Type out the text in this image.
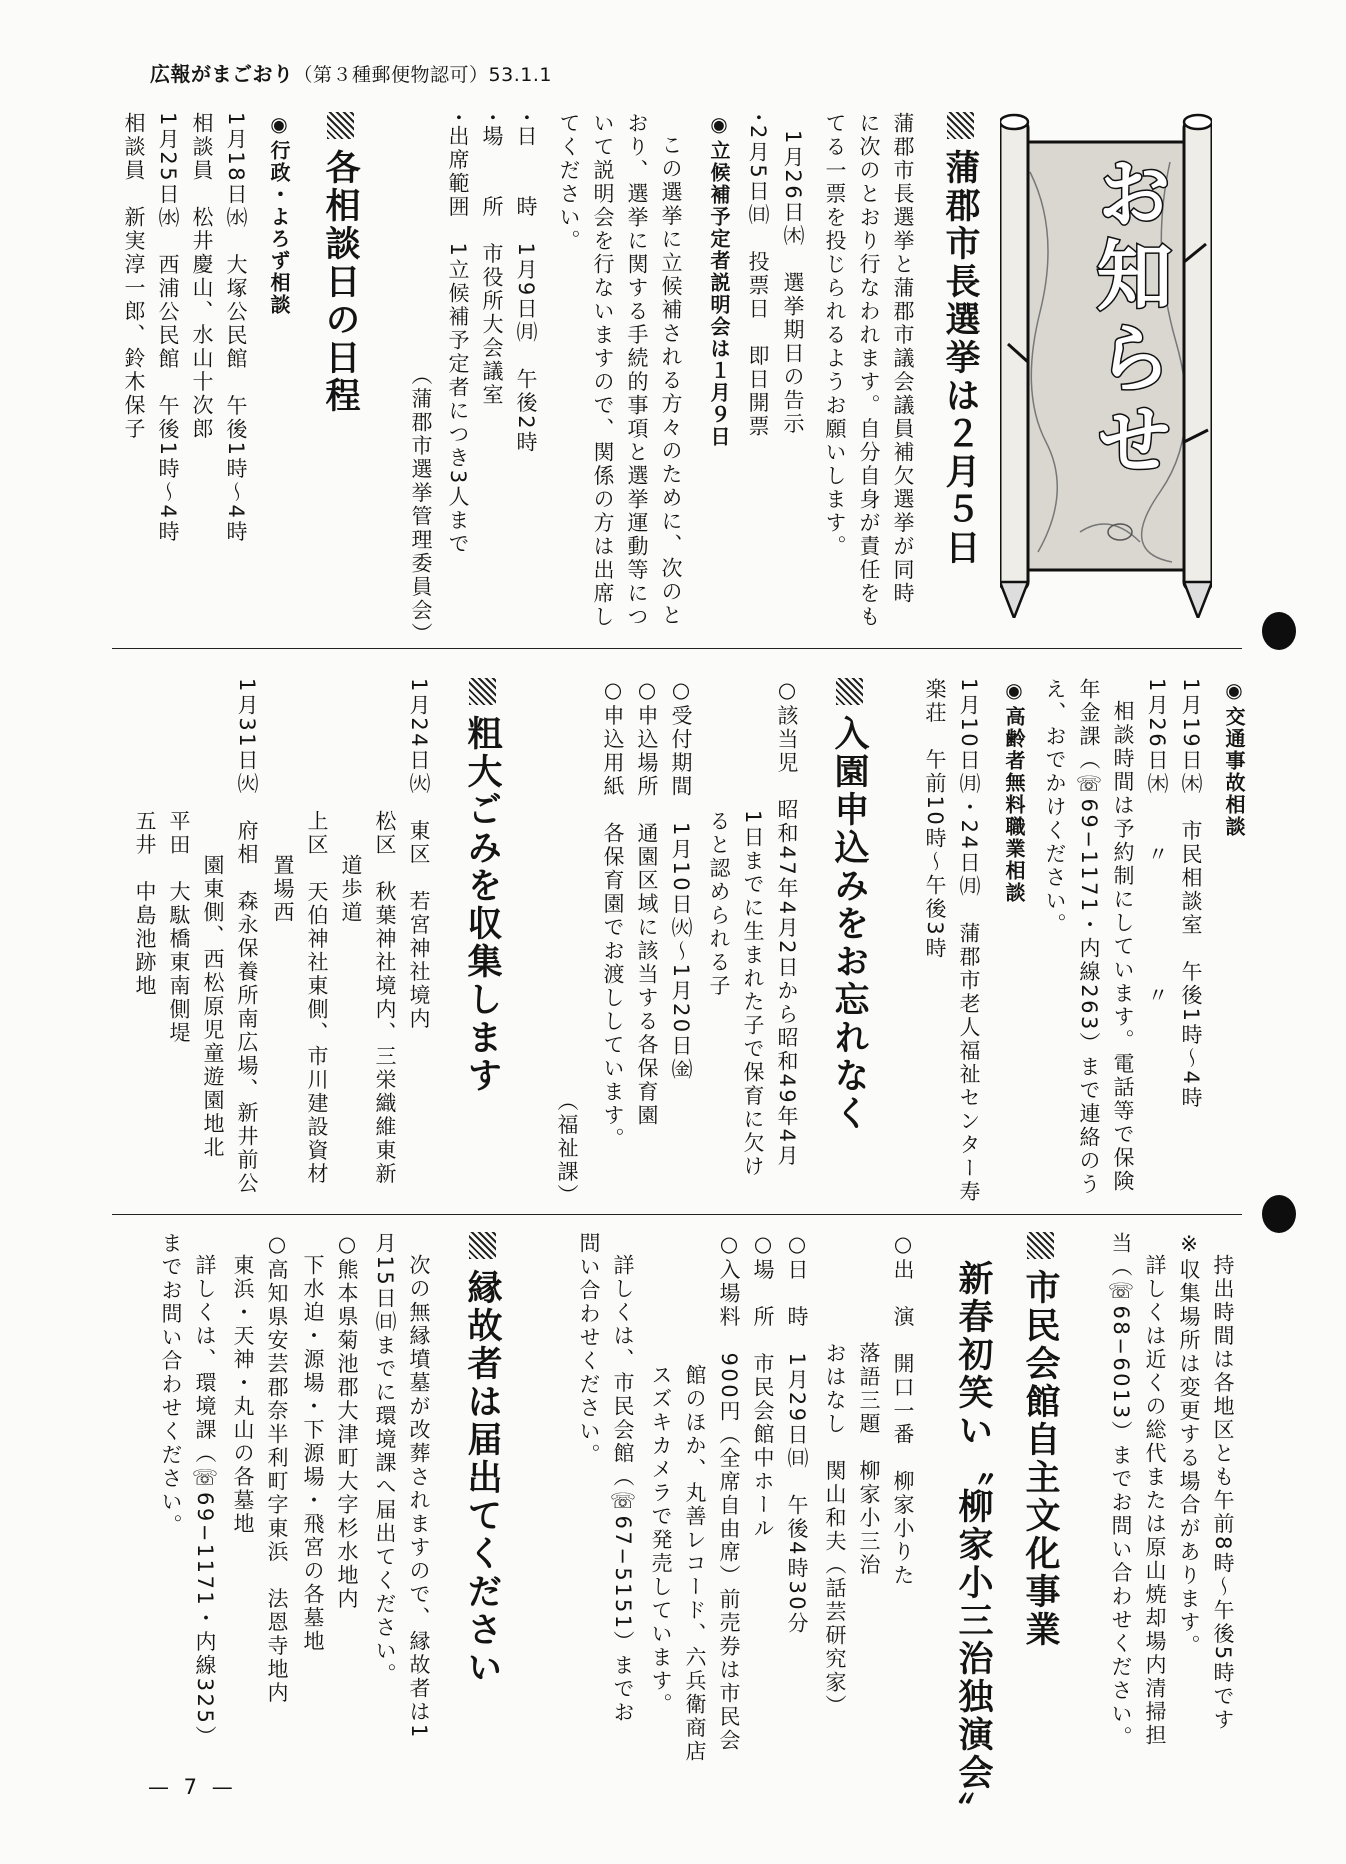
広報がまごおり（第３種郵便物認可）53.1.1
お知らせ
蒲郡市長選挙は２月５日
蒲郡市長選挙と蒲郡市議会議員補欠選挙が同時
に次のとおり行なわれます。自分自身が責任をも
てる一票を投じられるようお願いします。
1月26日㈭　選挙期日の告示
･2月5日㈰　投票日　即日開票
◉ 立候補予定者説明会は１月９日
この選挙に立候補される方々のために、次のと
おり、選挙に関する手続的事項と選挙運動等につ
いて説明会を行ないますので、関係の方は出席し
てください。
･日　　時　1月9日㈪　午後2時
･場　　所　市役所大会議室
･出席範囲　1立候補予定者につき3人まで
（蒲郡市選挙管理委員会）
各相談日の日程
◉ 行政・よろず相談
1月18日㈬　大塚公民館　午後1時〜4時
相談員　松井慶山、水山十次郎
1月25日㈬　西浦公民館　午後1時〜4時
相談員　新実淳一郎、鈴木保子
◉ 交通事故相談
1月19日㈭　市民相談室　午後1時〜4時
1月26日㈭　　〃　　　　　〃
相談時間は予約制にしています。電話等で保険
年金課（☏69−1171・内線263）まで連絡のう
え、おでかけください。
◉ 高齢者無料職業相談
1月10日㈪・24日㈪　蒲郡市老人福祉センター寿
楽荘　午前10時〜午後3時
入園申込みをお忘れなく
○該当児　昭和47年4月2日から昭和49年4月
1日までに生まれた子で保育に欠け
ると認められる子
○受付期間　1月10日㈫〜1月20日㈮
○申込場所　通園区域に該当する各保育園
○申込用紙　各保育園でお渡ししています。
（福祉課）
粗大ごみを収集します
1月24日㈫　東区　若宮神社境内
松区　秋葉神社境内、三栄織維東新
道歩道
上区　天伯神社東側、市川建設資材
置場西
1月31日㈫　府相　森永保養所南広場、新井前公
園東側、西松原児童遊園地北
平田　大駄橋東南側堤
五井　中島池跡地
持出時間は各地区とも午前8時〜午後5時です
※収集場所は変更する場合があります。
詳しくは近くの総代または原山焼却場内清掃担
当（☏68−6013）までお問い合わせください。
市民会館自主文化事業
新春初笑い〝柳家小三治独演会〟
○出　演　開口一番　柳家小りた
落語三題　柳家小三治
おはなし　関山和夫（話芸研究家）
○日　時　1月29日㈰　午後4時30分
○場　所　市民会館中ホール
○入場料　900円（全席自由席）前売券は市民会
館のほか、丸善レコード、六兵衛商店
スズキカメラで発売しています。
詳しくは、市民会館（☏67−5151）までお
問い合わせください。
縁故者は届出てください
次の無縁墳墓が改葬されますので、縁故者は1
月15日㈰までに環境課へ届出てください。
○熊本県菊池郡大津町大字杉水地内
下水迫・源場・下源場・飛宮の各墓地
○高知県安芸郡奈半利町字東浜　法恩寺地内
東浜・天神・丸山の各墓地
詳しくは、環境課（☏69−1171・内線325）
までお問い合わせください。
— 7 —
